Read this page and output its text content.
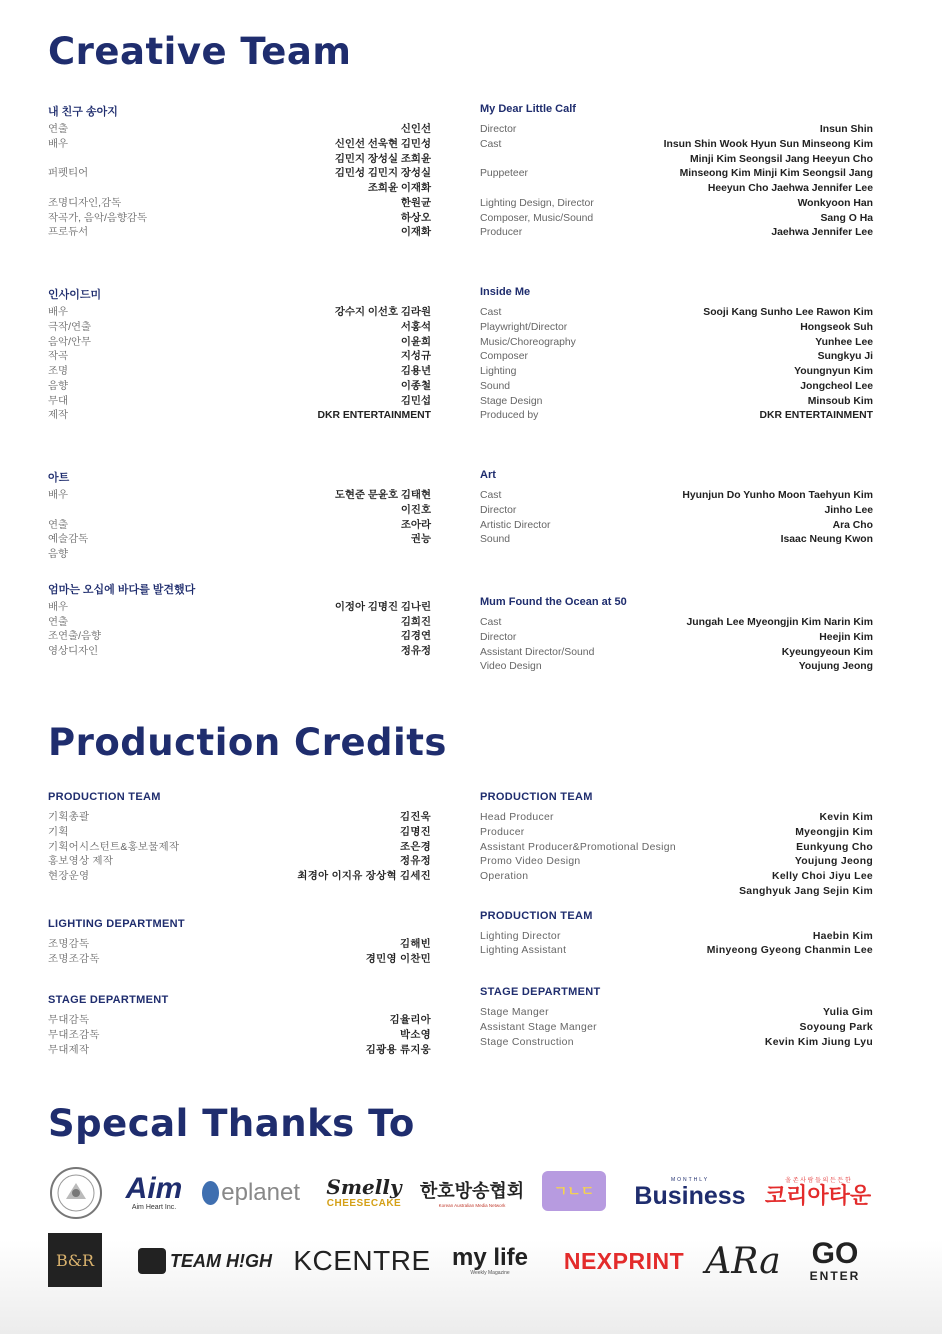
Creative Team
내 친구 송아지
연출	신인선
배우	신인선 선욱현 김민성
김민지 장성실 조희윤
퍼펫티어	김민성 김민지 장성실
조희윤 이재화
조명디자인,감독	한원균
작곡가, 음악/음향감독	하상오
프로듀서	이재화
인사이드미
배우	강수지 이선호 김라원
극작/연출	서홍석
음악/안무	이윤희
작곡	지성규
조명	김용년
음향	이종철
무대	김민섭
제작	DKR ENTERTAINMENT
아트
배우	도현준 문윤호 김태현
이진호
연출	조아라
예술감독	권능
음향
엄마는 오십에 바다를 발견했다
배우	이정아 김명진 김나린
연출	김희진
조연출/음향	김경연
영상디자인	정유정
My Dear Little Calf
Director	Insun Shin
Cast	Insun Shin Wook Hyun Sun Minseong Kim
Minji Kim Seongsil Jang Heeyun Cho
Puppeteer	Minseong Kim Minji Kim Seongsil Jang
Heeyun Cho Jaehwa Jennifer Lee
Lighting Design, Director	Wonkyoon Han
Composer, Music/Sound	Sang O Ha
Producer	Jaehwa Jennifer Lee
Inside Me
Cast	Sooji Kang Sunho Lee Rawon Kim
Playwright/Director	Hongseok Suh
Music/Choreography	Yunhee Lee
Composer	Sungkyu Ji
Lighting	Youngnyun Kim
Sound	Jongcheol Lee
Stage Design	Minsoub Kim
Produced by	DKR ENTERTAINMENT
Art
Cast	Hyunjun Do Yunho Moon Taehyun Kim
Director	Jinho Lee
Artistic Director	Ara Cho
Sound	Isaac Neung Kwon
Mum Found the Ocean at 50
Cast	Jungah Lee Myeongjin Kim Narin Kim
Director	Heejin Kim
Assistant Director/Sound	Kyeungyeoun Kim
Video Design	Youjung Jeong
Production Credits
PRODUCTION TEAM
기획총괄	김진욱
기획	김명진
기획어시스턴트&홍보물제작	조은경
홍보영상 제작	정유정
현장운영	최경아 이지유 장상혁 김세진
LIGHTING DEPARTMENT
조명감독	김해빈
조명조감독	경민영 이찬민
STAGE DEPARTMENT
무대감독	김율리아
무대조감독	박소영
무대제작	김광용 류지웅
PRODUCTION TEAM
Head Producer	Kevin Kim
Producer	Myeongjin Kim
Assistant Producer&Promotional Design	Eunkyung Cho
Promo Video Design	Youjung Jeong
Operation	Kelly Choi Jiyu Lee
Sanghyuk Jang Sejin Kim
PRODUCTION TEAM
Lighting Director	Haebin Kim
Lighting Assistant	Minyeong Gyeong Chanmin Lee
STAGE DEPARTMENT
Stage Manger	Yulia Gim
Assistant Stage Manger	Soyoung Park
Stage Construction	Kevin Kim Jiung Lyu
Specal Thanks To
Aim
Aim Heart Inc.
eplanet Smelly
CHEESECAKE
한호방송협회
Korean Australian Media Network
ㄱㄴㄷ
MONTHLY
Business
올 존 사 람 들 의 든 든 한
코리아타운
B&R	TEAM H!GH KCENTRE my life
Weekly Magazine NEXPRINT ARa GO
ENTER
